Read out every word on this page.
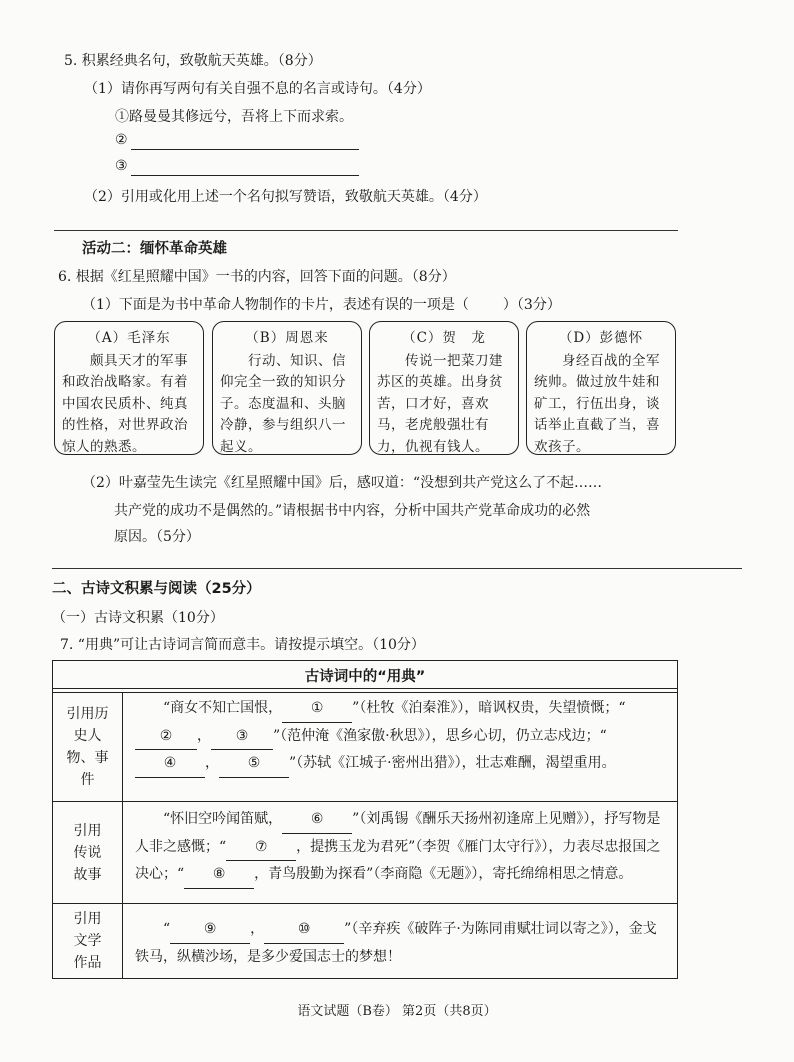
5. 积累经典名句，致敬航天英雄。（8分）
（1）请你再写两句有关自强不息的名言或诗句。（4分）
①路曼曼其修远兮，吾将上下而求索。
②
③
（2）引用或化用上述一个名句拟写赞语，致敬航天英雄。（4分）
活动二：缅怀革命英雄
6. 根据《红星照耀中国》一书的内容，回答下面的问题。（8分）
（1）下面是为书中革命人物制作的卡片，表述有误的一项是（ ）（3分）
（A）毛泽东
　　颇具天才的军事和政治战略家。有着中国农民质朴、纯真的性格，对世界政治惊人的熟悉。
（B）周恩来
　　行动、知识、信仰完全一致的知识分子。态度温和、头脑冷静，参与组织八一起义。
（C）贺　龙
　　传说一把菜刀建苏区的英雄。出身贫苦，口才好，喜欢马，老虎般强壮有力，仇视有钱人。
（D）彭德怀
　　身经百战的全军统帅。做过放牛娃和矿工，行伍出身，谈话举止直截了当，喜欢孩子。
（2）叶嘉莹先生读完《红星照耀中国》后，感叹道：“没想到共产党这么了不起……
共产党的成功不是偶然的。”请根据书中内容，分析中国共产党革命成功的必然
原因。（5分）
二、古诗文积累与阅读（25分）
（一）古诗文积累（10分）
7. “用典”可让古诗词言简而意丰。请按提示填空。（10分）
古诗词中的“用典”
引用历史人物、事件
　　“商女不知亡国恨， ① ”（杜牧《泊秦淮》），暗讽权贵，失望愤慨；“② ， ③ ”（范仲淹《渔家傲·秋思》），思乡心切，仍立志戍边；“④ ， ⑤ ”（苏轼《江城子·密州出猎》），壮志难酬，渴望重用。
引用传说故事
　　“怀旧空吟闻笛赋， ⑥ ”（刘禹锡《酬乐天扬州初逢席上见赠》），抒写物是人非之感慨；“ ⑦ ，提携玉龙为君死”（李贺《雁门太守行》），力表尽忠报国之决心；“ ⑧ ，青鸟殷勤为探看”（李商隐《无题》），寄托绵绵相思之情意。
引用文学作品
　　“ ⑨ ， ⑩ ”（辛弃疾《破阵子·为陈同甫赋壮词以寄之》），金戈铁马，纵横沙场，是多少爱国志士的梦想！
语文试题（B卷） 第2页（共8页）
